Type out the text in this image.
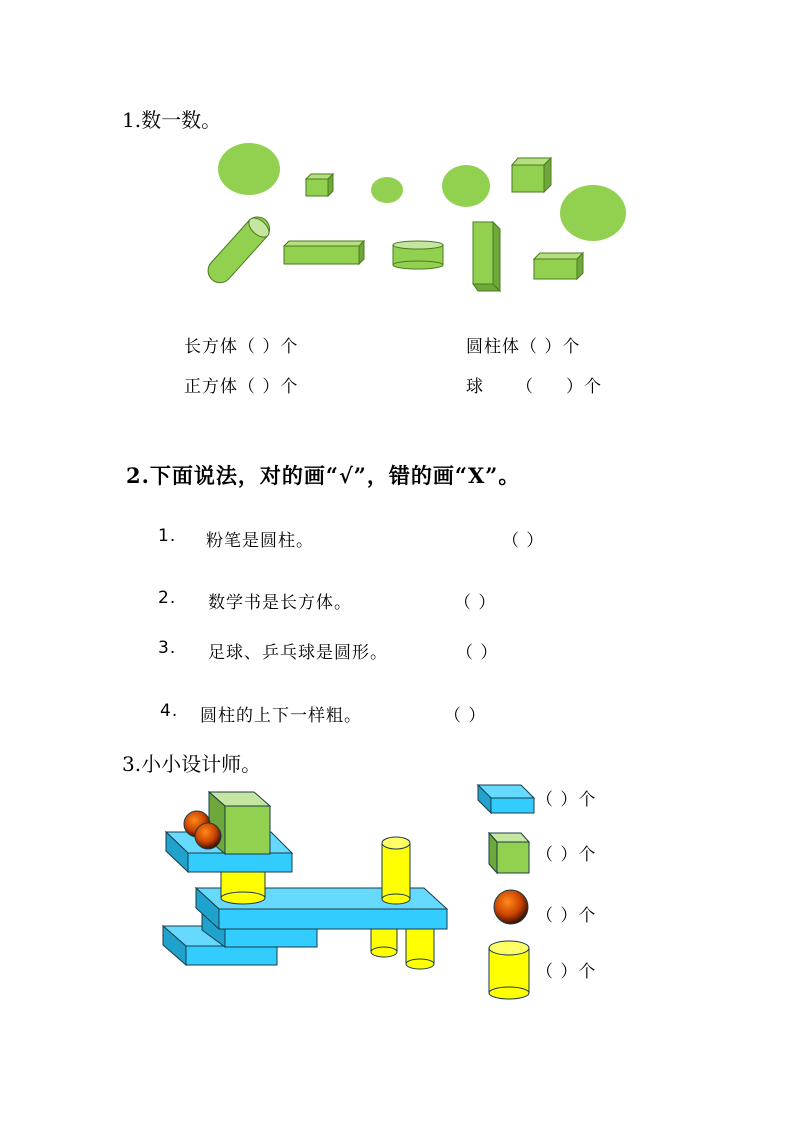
1.数一数。
长方体（ ）个	圆柱体（ ）个
正方体（ ）个	球     （     ）个
2.下面说法，对的画“√”，错的画“X”。
1. 粉笔是圆柱。	（ ）
2. 数学书是长方体。	（ ）
3. 足球、乒乓球是圆形。	（ ）
4. 圆柱的上下一样粗。	（ ）
3.小小设计师。
（ ）个
（ ）个
（ ）个
（ ）个
